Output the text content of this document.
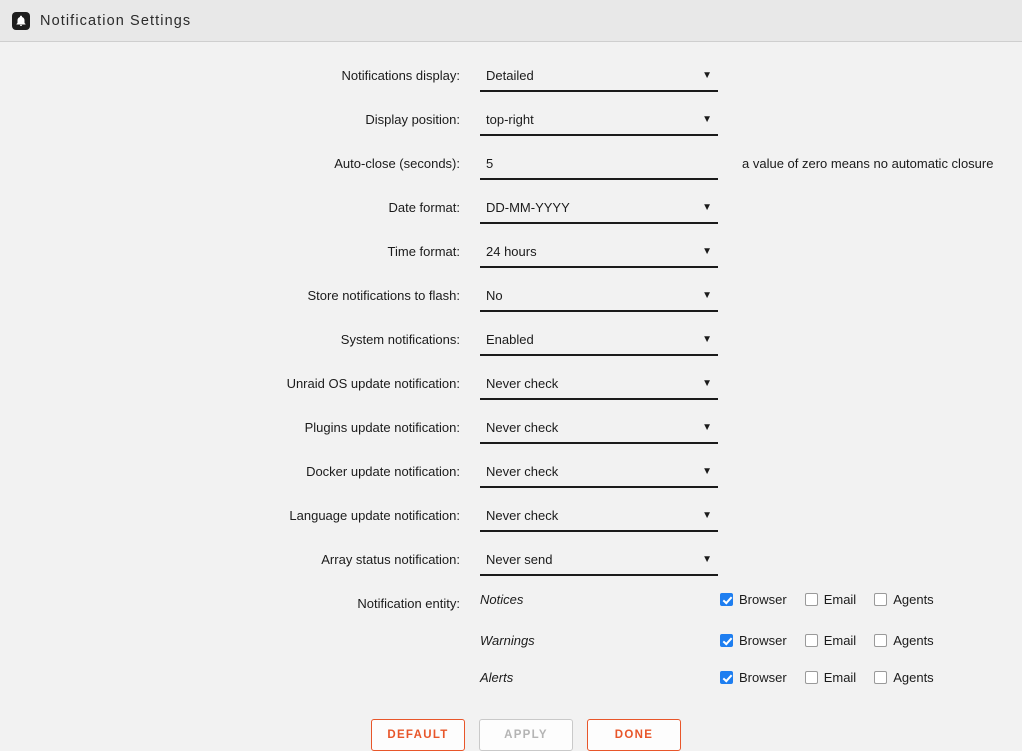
Notification Settings
Notifications display:	Detailed	▼
Display position:	top-right	▼
Auto-close (seconds):	5	a value of zero means no automatic closure
Date format:	DD-MM-YYYY	▼
Time format:	24 hours	▼
Store notifications to flash:	No	▼
System notifications:	Enabled	▼
Unraid OS update notification:	Never check	▼
Plugins update notification:	Never check	▼
Docker update notification:	Never check	▼
Language update notification:	Never check	▼
Array status notification:	Never send	▼
Notification entity:	Notices	Browser	Email	Agents
Warnings	Browser	Email	Agents
Alerts	Browser	Email	Agents
DEFAULT	APPLY	DONE
